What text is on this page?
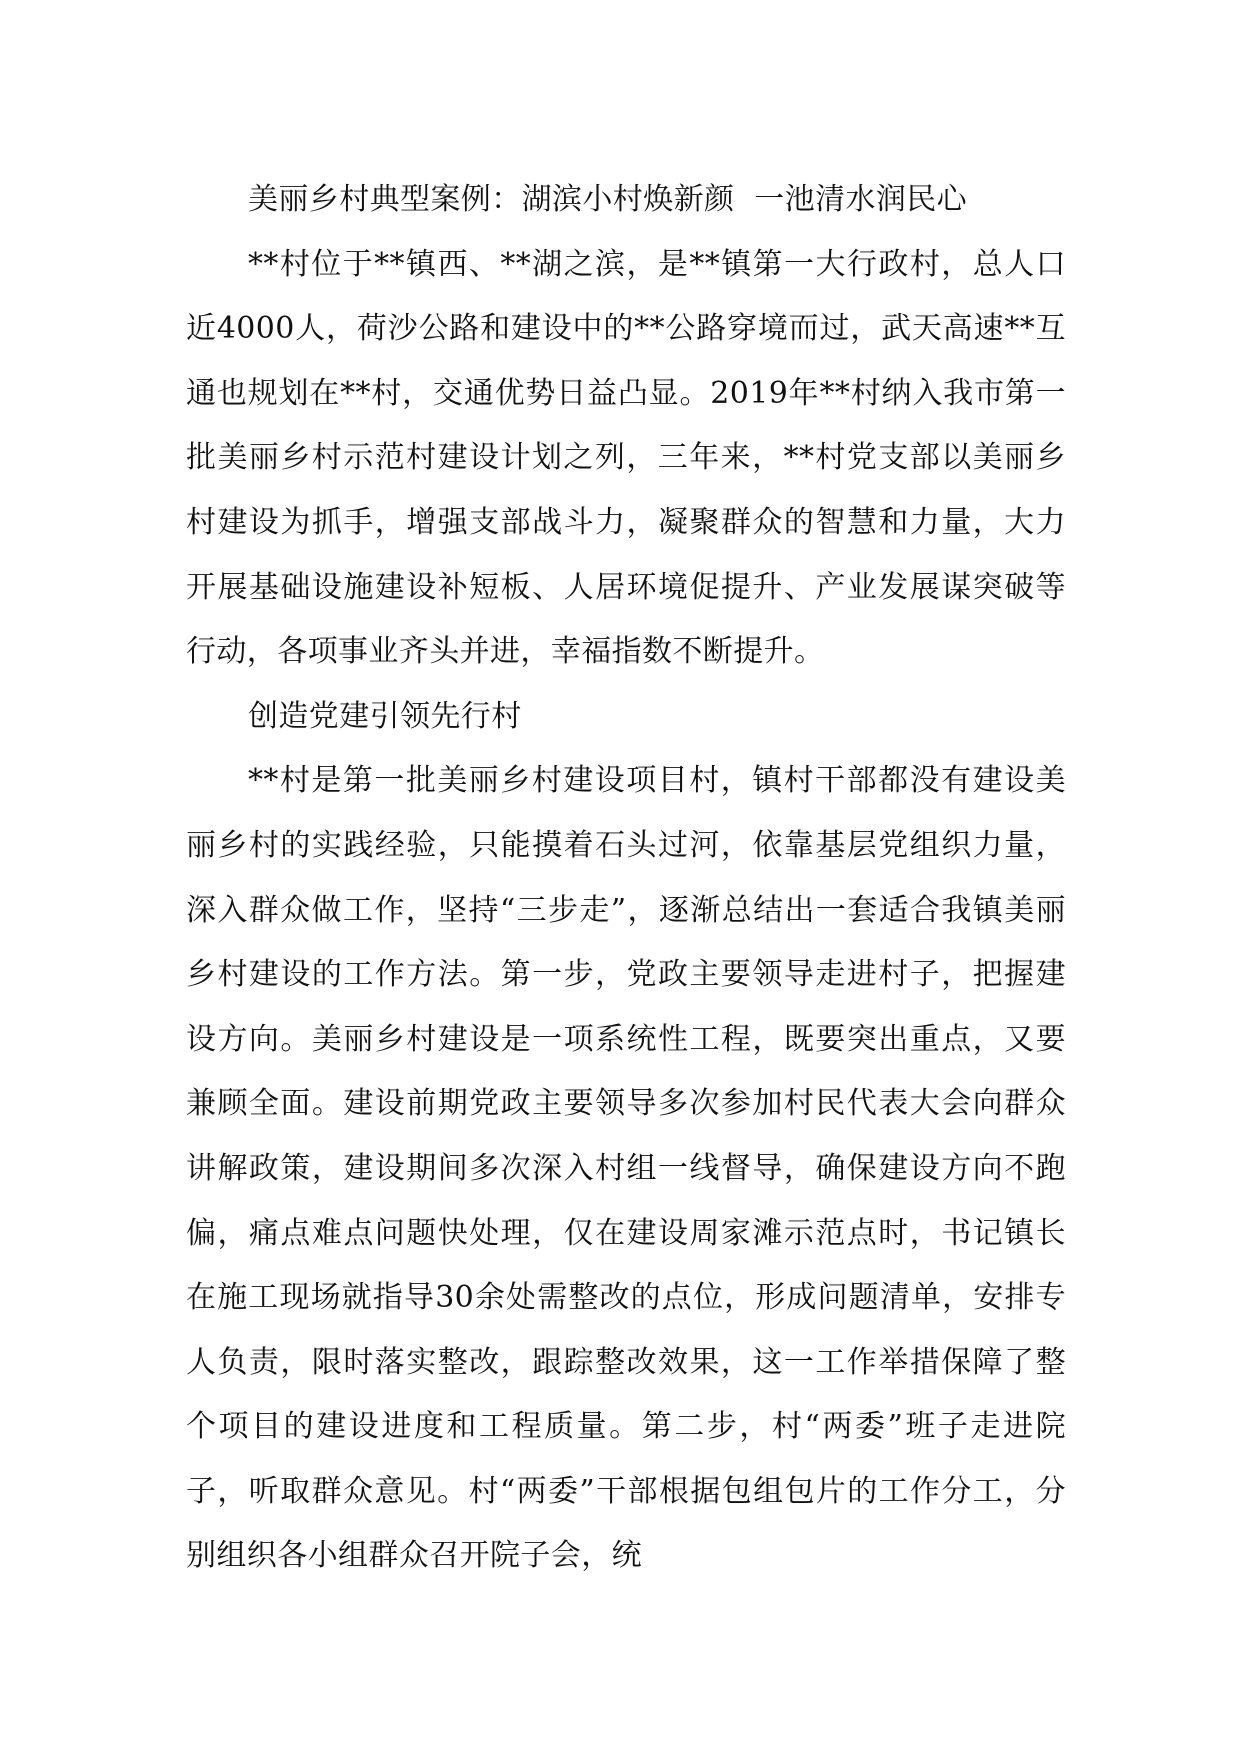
美丽乡村典型案例：湖滨小村焕新颜  一池清水润民心

**村位于**镇西、**湖之滨，是**镇第一大行政村，总人口近4000人，荷沙公路和建设中的**公路穿境而过，武天高速**互通也规划在**村，交通优势日益凸显。2019年**村纳入我市第一批美丽乡村示范村建设计划之列，三年来，**村党支部以美丽乡村建设为抓手，增强支部战斗力，凝聚群众的智慧和力量，大力开展基础设施建设补短板、人居环境促提升、产业发展谋突破等行动，各项事业齐头并进，幸福指数不断提升。

创造党建引领先行村

**村是第一批美丽乡村建设项目村，镇村干部都没有建设美丽乡村的实践经验，只能摸着石头过河，依靠基层党组织力量，深入群众做工作，坚持“三步走”，逐渐总结出一套适合我镇美丽乡村建设的工作方法。第一步，党政主要领导走进村子，把握建设方向。美丽乡村建设是一项系统性工程，既要突出重点，又要兼顾全面。建设前期党政主要领导多次参加村民代表大会向群众讲解政策，建设期间多次深入村组一线督导，确保建设方向不跑偏，痛点难点问题快处理，仅在建设周家滩示范点时，书记镇长在施工现场就指导30余处需整改的点位，形成问题清单，安排专人负责，限时落实整改，跟踪整改效果，这一工作举措保障了整个项目的建设进度和工程质量。第二步，村“两委”班子走进院子，听取群众意见。村“两委”干部根据包组包片的工作分工，分别组织各小组群众召开院子会，统
